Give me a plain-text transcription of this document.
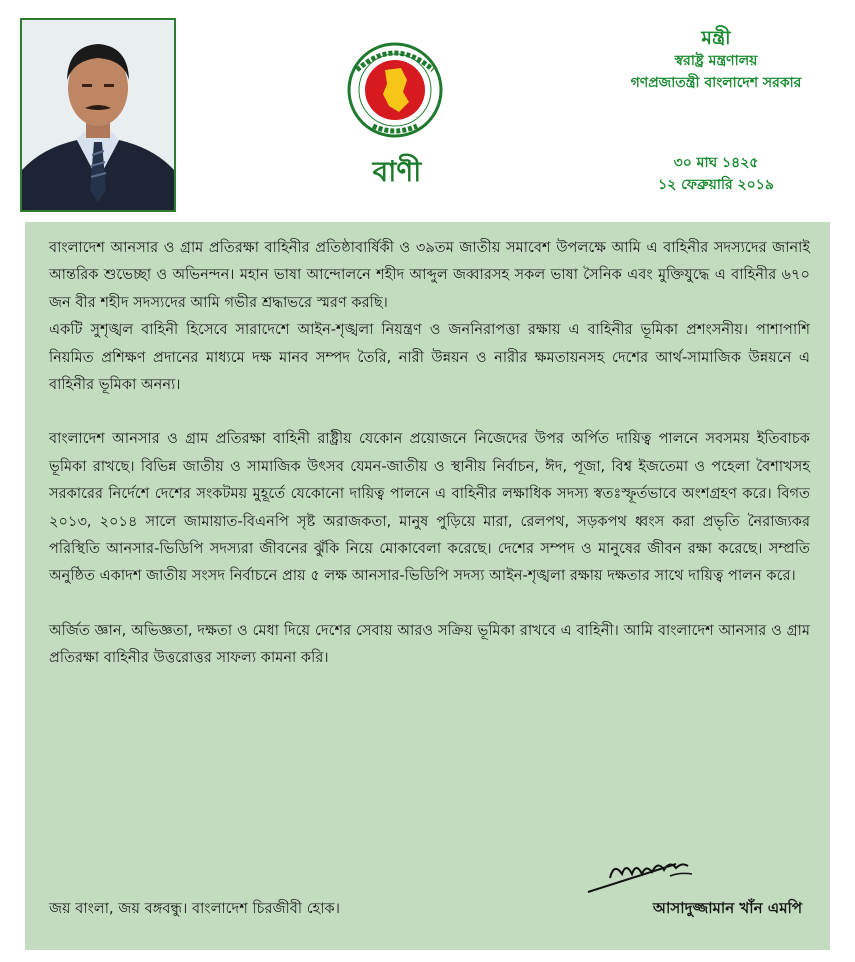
বাণী
মন্ত্রী
স্বরাষ্ট্র মন্ত্রণালয়
গণপ্রজাতন্ত্রী বাংলাদেশ সরকার
৩০ মাঘ ১৪২৫
১২ ফেব্রুয়ারি ২০১৯

বাংলাদেশ আনসার ও গ্রাম প্রতিরক্ষা বাহিনীর প্রতিষ্ঠাবার্ষিকী ও ৩৯তম জাতীয় সমাবেশ উপলক্ষে আমি এ বাহিনীর সদস্যদের জানাই আন্তরিক শুভেচ্ছা ও অভিনন্দন। মহান ভাষা আন্দোলনে শহীদ আব্দুল জব্বারসহ সকল ভাষা সৈনিক এবং মুক্তিযুদ্ধে এ বাহিনীর ৬৭০ জন বীর শহীদ সদস্যদের আমি গভীর শ্রদ্ধাভরে স্মরণ করছি।

একটি সুশৃঙ্খল বাহিনী হিসেবে সারাদেশে আইন-শৃঙ্খলা নিয়ন্ত্রণ ও জননিরাপত্তা রক্ষায় এ বাহিনীর ভূমিকা প্রশংসনীয়। পাশাপাশি নিয়মিত প্রশিক্ষণ প্রদানের মাধ্যমে দক্ষ মানব সম্পদ তৈরি, নারী উন্নয়ন ও নারীর ক্ষমতায়নসহ দেশের আর্থ-সামাজিক উন্নয়নে এ বাহিনীর ভূমিকা অনন্য।

বাংলাদেশ আনসার ও গ্রাম প্রতিরক্ষা বাহিনী রাষ্ট্রীয় যেকোন প্রয়োজনে নিজেদের উপর অর্পিত দায়িত্ব পালনে সবসময় ইতিবাচক ভূমিকা রাখছে। বিভিন্ন জাতীয় ও সামাজিক উৎসব যেমন-জাতীয় ও স্থানীয় নির্বাচন, ঈদ, পূজা, বিশ্ব ইজতেমা ও পহেলা বৈশাখসহ সরকারের নির্দেশে দেশের সংকটময় মুহূর্তে যেকোনো দায়িত্ব পালনে এ বাহিনীর লক্ষাধিক সদস্য স্বতঃস্ফূর্তভাবে অংশগ্রহণ করে। বিগত ২০১৩, ২০১৪ সালে জামায়াত-বিএনপি সৃষ্ট অরাজকতা, মানুষ পুড়িয়ে মারা, রেলপথ, সড়কপথ ধ্বংস করা প্রভৃতি নৈরাজ্যকর পরিস্থিতি আনসার-ভিডিপি সদস্যরা জীবনের ঝুঁকি নিয়ে মোকাবেলা করেছে। দেশের সম্পদ ও মানুষের জীবন রক্ষা করেছে। সম্প্রতি অনুষ্ঠিত একাদশ জাতীয় সংসদ নির্বাচনে প্রায় ৫ লক্ষ আনসার-ভিডিপি সদস্য আইন-শৃঙ্খলা রক্ষায় দক্ষতার সাথে দায়িত্ব পালন করে।

অর্জিত জ্ঞান, অভিজ্ঞতা, দক্ষতা ও মেধা দিয়ে দেশের সেবায় আরও সক্রিয় ভূমিকা রাখবে এ বাহিনী। আমি বাংলাদেশ আনসার ও গ্রাম প্রতিরক্ষা বাহিনীর উত্তরোত্তর সাফল্য কামনা করি।

জয় বাংলা, জয় বঙ্গবন্ধু। বাংলাদেশ চিরজীবী হোক।	আসাদুজ্জামান খাঁন এমপি
